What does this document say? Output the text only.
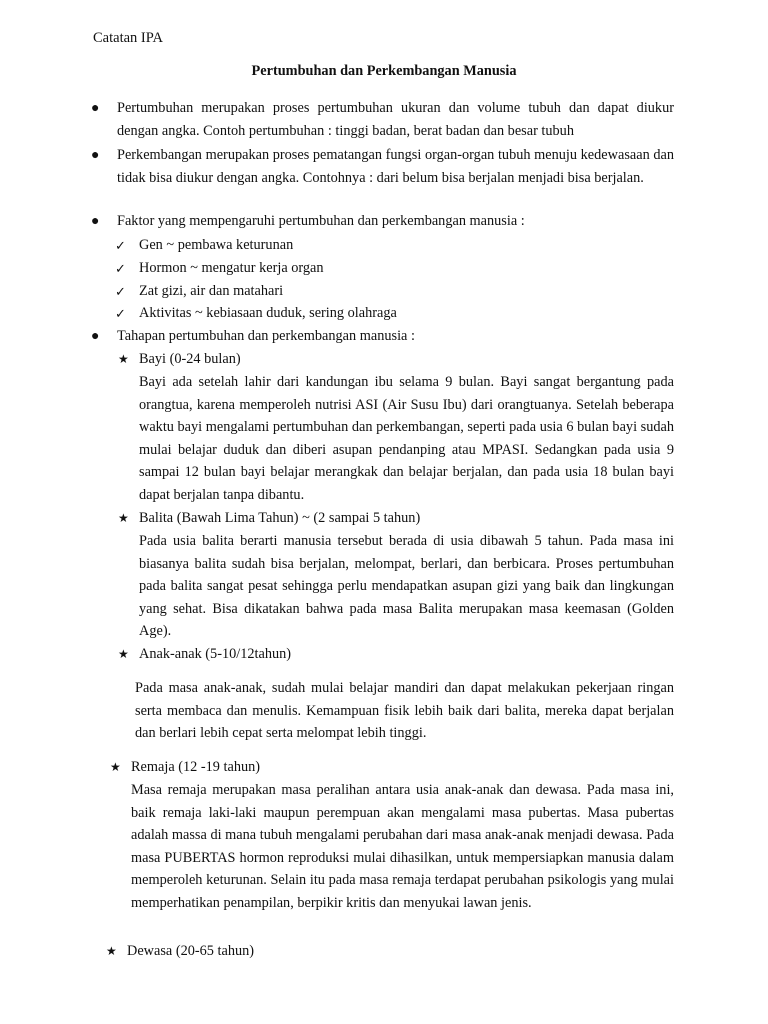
Catatan IPA
Pertumbuhan dan Perkembangan Manusia
● Pertumbuhan merupakan proses pertumbuhan ukuran dan volume tubuh dan dapat diukur dengan angka. Contoh pertumbuhan : tinggi badan, berat badan dan besar tubuh
● Perkembangan merupakan proses pematangan fungsi organ-organ tubuh menuju kedewasaan dan tidak bisa diukur dengan angka. Contohnya : dari belum bisa berjalan menjadi bisa berjalan.
● Faktor yang mempengaruhi pertumbuhan dan perkembangan manusia :
✓ Gen ~ pembawa keturunan
✓ Hormon ~ mengatur kerja organ
✓ Zat gizi, air dan matahari
✓ Aktivitas ~ kebiasaan duduk, sering olahraga
● Tahapan pertumbuhan dan perkembangan manusia :
★ Bayi (0-24 bulan)
Bayi ada setelah lahir dari kandungan ibu selama 9 bulan. Bayi sangat bergantung pada orangtua, karena memperoleh nutrisi ASI (Air Susu Ibu) dari orangtuanya. Setelah beberapa waktu bayi mengalami pertumbuhan dan perkembangan, seperti pada usia 6 bulan bayi sudah mulai belajar duduk dan diberi asupan pendanping atau MPASI. Sedangkan pada usia 9 sampai 12 bulan bayi belajar merangkak dan belajar berjalan, dan pada usia 18 bulan bayi dapat berjalan tanpa dibantu.
★ Balita (Bawah Lima Tahun) ~ (2 sampai 5 tahun)
Pada usia balita berarti manusia tersebut berada di usia dibawah 5 tahun. Pada masa ini biasanya balita sudah bisa berjalan, melompat, berlari, dan berbicara. Proses pertumbuhan pada balita sangat pesat sehingga perlu mendapatkan asupan gizi yang baik dan lingkungan yang sehat. Bisa dikatakan bahwa pada masa Balita merupakan masa keemasan (Golden Age).
★ Anak-anak (5-10/12tahun)
Pada masa anak-anak, sudah mulai belajar mandiri dan dapat melakukan pekerjaan ringan serta membaca dan menulis. Kemampuan fisik lebih baik dari balita, mereka dapat berjalan dan berlari lebih cepat serta melompat lebih tinggi.
★ Remaja (12 -19 tahun)
Masa remaja merupakan masa peralihan antara usia anak-anak dan dewasa. Pada masa ini, baik remaja laki-laki maupun perempuan akan mengalami masa pubertas. Masa pubertas adalah massa di mana tubuh mengalami perubahan dari masa anak-anak menjadi dewasa. Pada masa PUBERTAS hormon reproduksi mulai dihasilkan, untuk mempersiapkan manusia dalam memperoleh keturunan. Selain itu pada masa remaja terdapat perubahan psikologis yang mulai memperhatikan penampilan, berpikir kritis dan menyukai lawan jenis.
★ Dewasa (20-65 tahun)
